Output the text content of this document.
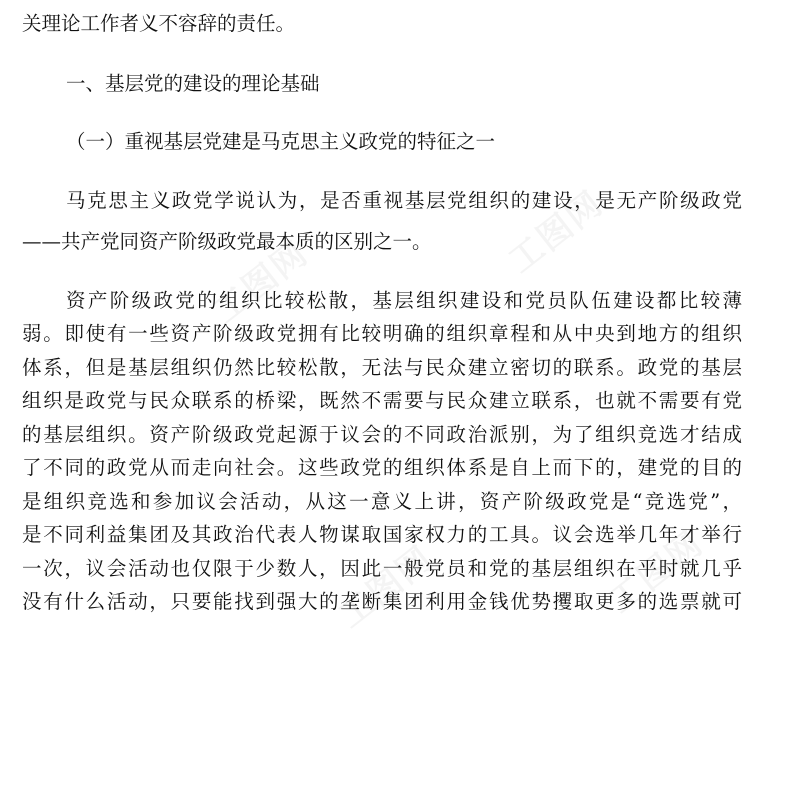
关理论工作者义不容辞的责任。
一、基层党的建设的理论基础
（一）重视基层党建是马克思主义政党的特征之一
马克思主义政党学说认为，是否重视基层党组织的建设，是无产阶级政党
——共产党同资产阶级政党最本质的区别之一。
资产阶级政党的组织比较松散，基层组织建设和党员队伍建设都比较薄
弱。即使有一些资产阶级政党拥有比较明确的组织章程和从中央到地方的组织
体系，但是基层组织仍然比较松散，无法与民众建立密切的联系。政党的基层
组织是政党与民众联系的桥梁，既然不需要与民众建立联系，也就不需要有党
的基层组织。资产阶级政党起源于议会的不同政治派别，为了组织竞选才结成
了不同的政党从而走向社会。这些政党的组织体系是自上而下的，建党的目的
是组织竞选和参加议会活动，从这一意义上讲，资产阶级政党是“竞选党”，
是不同利益集团及其政治代表人物谋取国家权力的工具。议会选举几年才举行
一次，议会活动也仅限于少数人，因此一般党员和党的基层组织在平时就几乎
没有什么活动，只要能找到强大的垄断集团利用金钱优势攫取更多的选票就可
